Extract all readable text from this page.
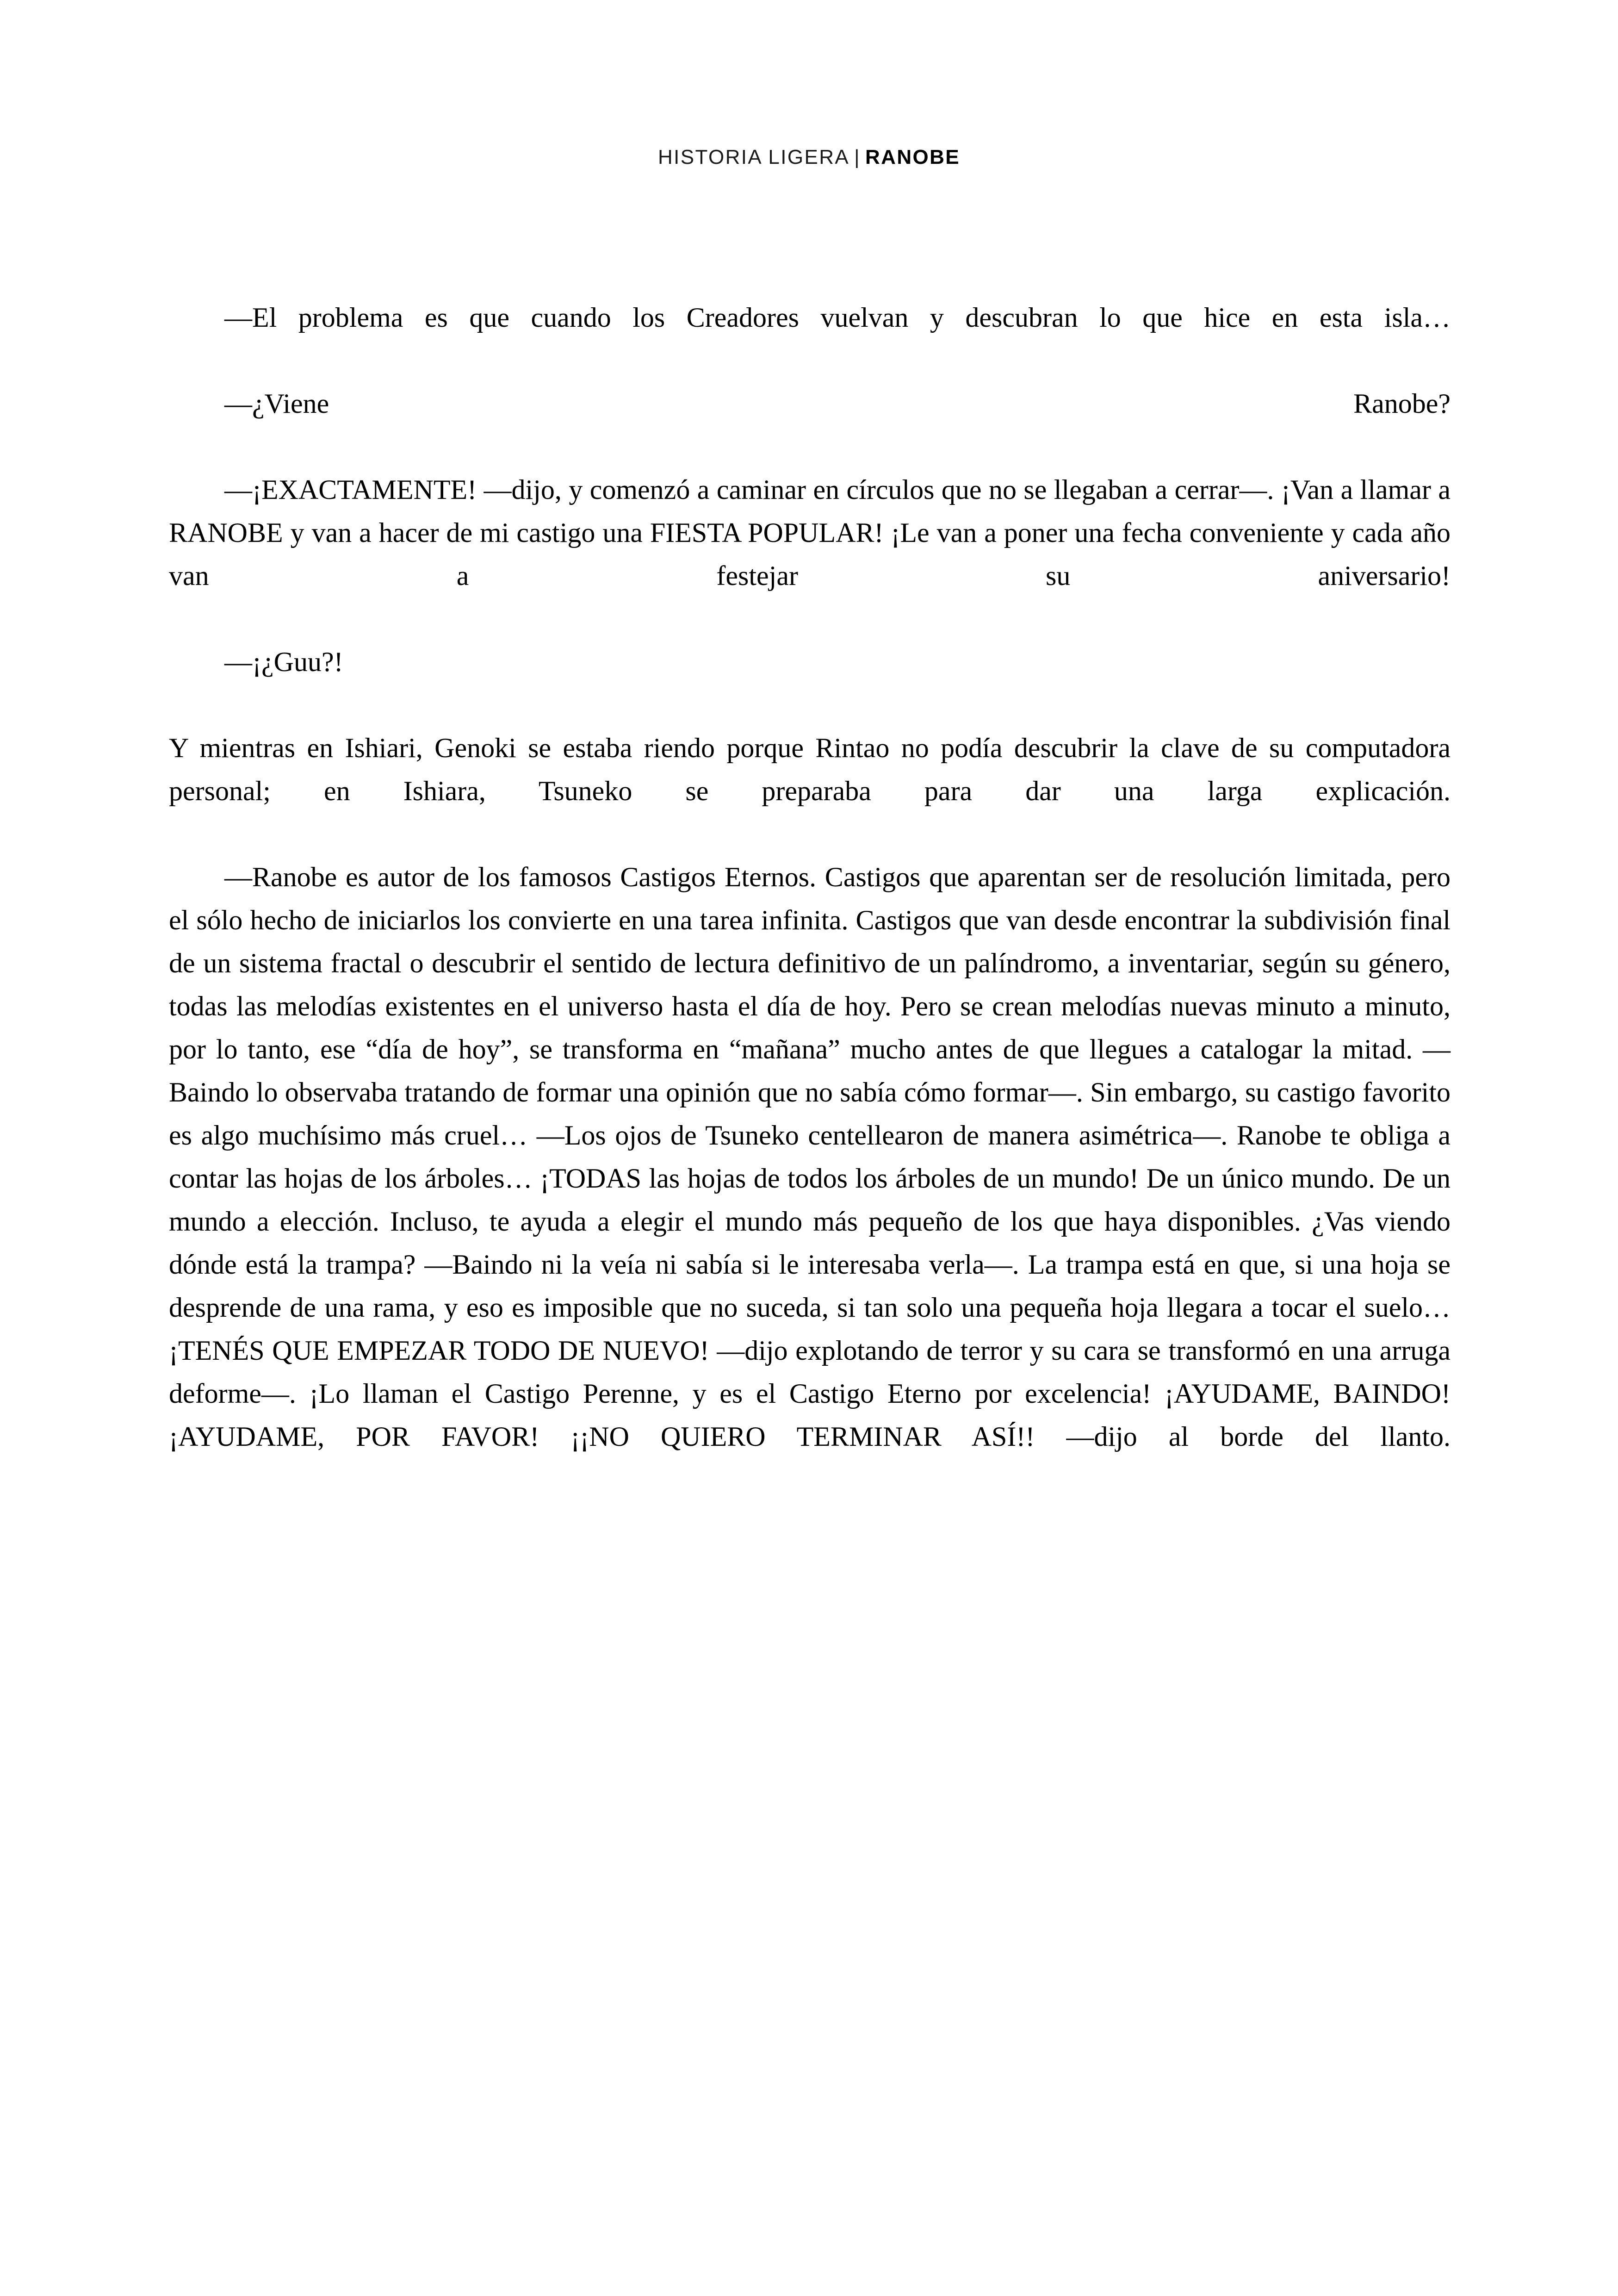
HISTORIA LIGERA | RANOBE

—El problema es que cuando los Creadores vuelvan y descubran lo que hice en esta isla…

—¿Viene Ranobe?

—¡EXACTAMENTE! —dijo, y comenzó a caminar en círculos que no se llegaban a cerrar—. ¡Van a llamar a RANOBE y van a hacer de mi castigo una FIESTA POPULAR! ¡Le van a poner una fecha conveniente y cada año van a festejar su aniversario!

—¡¿Guu?!

Y mientras en Ishiari, Genoki se estaba riendo porque Rintao no podía descubrir la clave de su computadora personal; en Ishiara, Tsuneko se preparaba para dar una larga explicación.

—Ranobe es autor de los famosos Castigos Eternos. Castigos que aparentan ser de resolución limitada, pero el sólo hecho de iniciarlos los convierte en una tarea infinita. Castigos que van desde encontrar la subdivisión final de un sistema fractal o descubrir el sentido de lectura definitivo de un palíndromo, a inventariar, según su género, todas las melodías existentes en el universo hasta el día de hoy. Pero se crean melodías nuevas minuto a minuto, por lo tanto, ese “día de hoy”, se transforma en “mañana” mucho antes de que llegues a catalogar la mitad. —Baindo lo observaba tratando de formar una opinión que no sabía cómo formar—. Sin embargo, su castigo favorito es algo muchísimo más cruel… —Los ojos de Tsuneko centellearon de manera asimétrica—. Ranobe te obliga a contar las hojas de los árboles… ¡TODAS las hojas de todos los árboles de un mundo! De un único mundo. De un mundo a elección. Incluso, te ayuda a elegir el mundo más pequeño de los que haya disponibles. ¿Vas viendo dónde está la trampa? —Baindo ni la veía ni sabía si le interesaba verla—. La trampa está en que, si una hoja se desprende de una rama, y eso es imposible que no suceda, si tan solo una pequeña hoja llegara a tocar el suelo… ¡TENÉS QUE EMPEZAR TODO DE NUEVO! —dijo explotando de terror y su cara se transformó en una arruga deforme—. ¡Lo llaman el Castigo Perenne, y es el Castigo Eterno por excelencia! ¡AYUDAME, BAINDO! ¡AYUDAME, POR FAVOR! ¡¡NO QUIERO TERMINAR ASÍ!! —dijo al borde del llanto.
